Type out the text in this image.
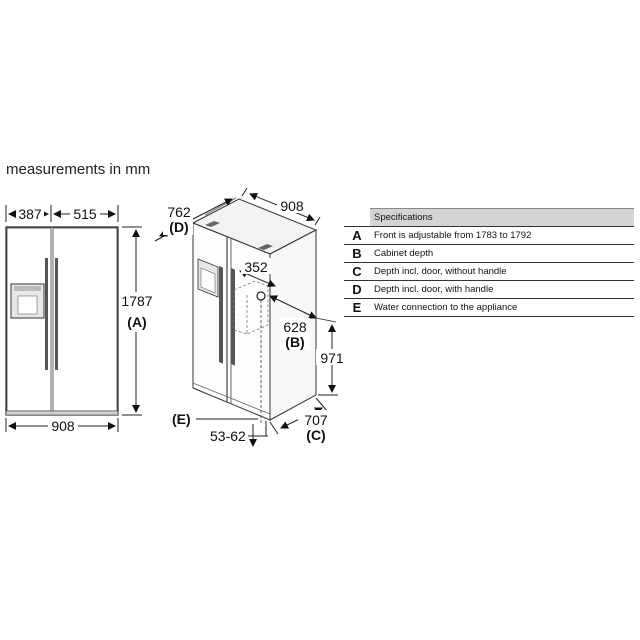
measurements in mm
387 515
908
1787
(A)
908
762
(D)
352
628
(B)
971
707
(C)
(E)
53-62
	Specifications
A	Front is adjustable from 1783 to 1792
B	Cabinet depth
C	Depth incl. door, without handle
D	Depth incl. door, with handle
E	Water connection to the appliance
